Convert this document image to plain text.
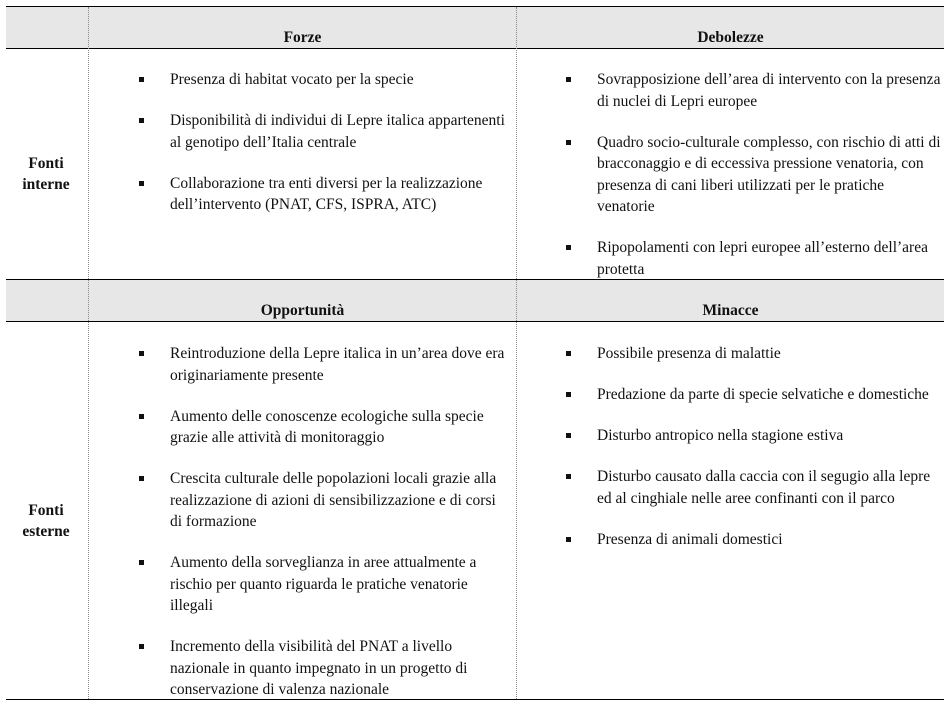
Forze	Debolezze
Opportunità	Minacce
Fonti
interne
Fonti
esterne
Presenza di habitat vocato per la specie
Disponibilità di individui di Lepre italica appartenenti al genotipo dell’Italia centrale
Collaborazione tra enti diversi per la realizzazione dell’intervento (PNAT, CFS, ISPRA, ATC)
Sovrapposizione dell’area di intervento con la presenza di nuclei di Lepri europee
Quadro socio-culturale complesso, con rischio di atti di bracconaggio e di eccessiva pressione venatoria, con presenza di cani liberi utilizzati per le pratiche venatorie
Ripopolamenti con lepri europee all’esterno dell’area protetta
Reintroduzione della Lepre italica in un’area dove era originariamente presente
Aumento delle conoscenze ecologiche sulla specie grazie alle attività di monitoraggio
Crescita culturale delle popolazioni locali grazie alla realizzazione di azioni di sensibilizzazione e di corsi di formazione
Aumento della sorveglianza in aree attualmente a rischio per quanto riguarda le pratiche venatorie illegali
Incremento della visibilità del PNAT a livello nazionale in quanto impegnato in un progetto di conservazione di valenza nazionale
Possibile presenza di malattie
Predazione da parte di specie selvatiche e domestiche
Disturbo antropico nella stagione estiva
Disturbo causato dalla caccia con il segugio alla lepre ed al cinghiale nelle aree confinanti con il parco
Presenza di animali domestici
